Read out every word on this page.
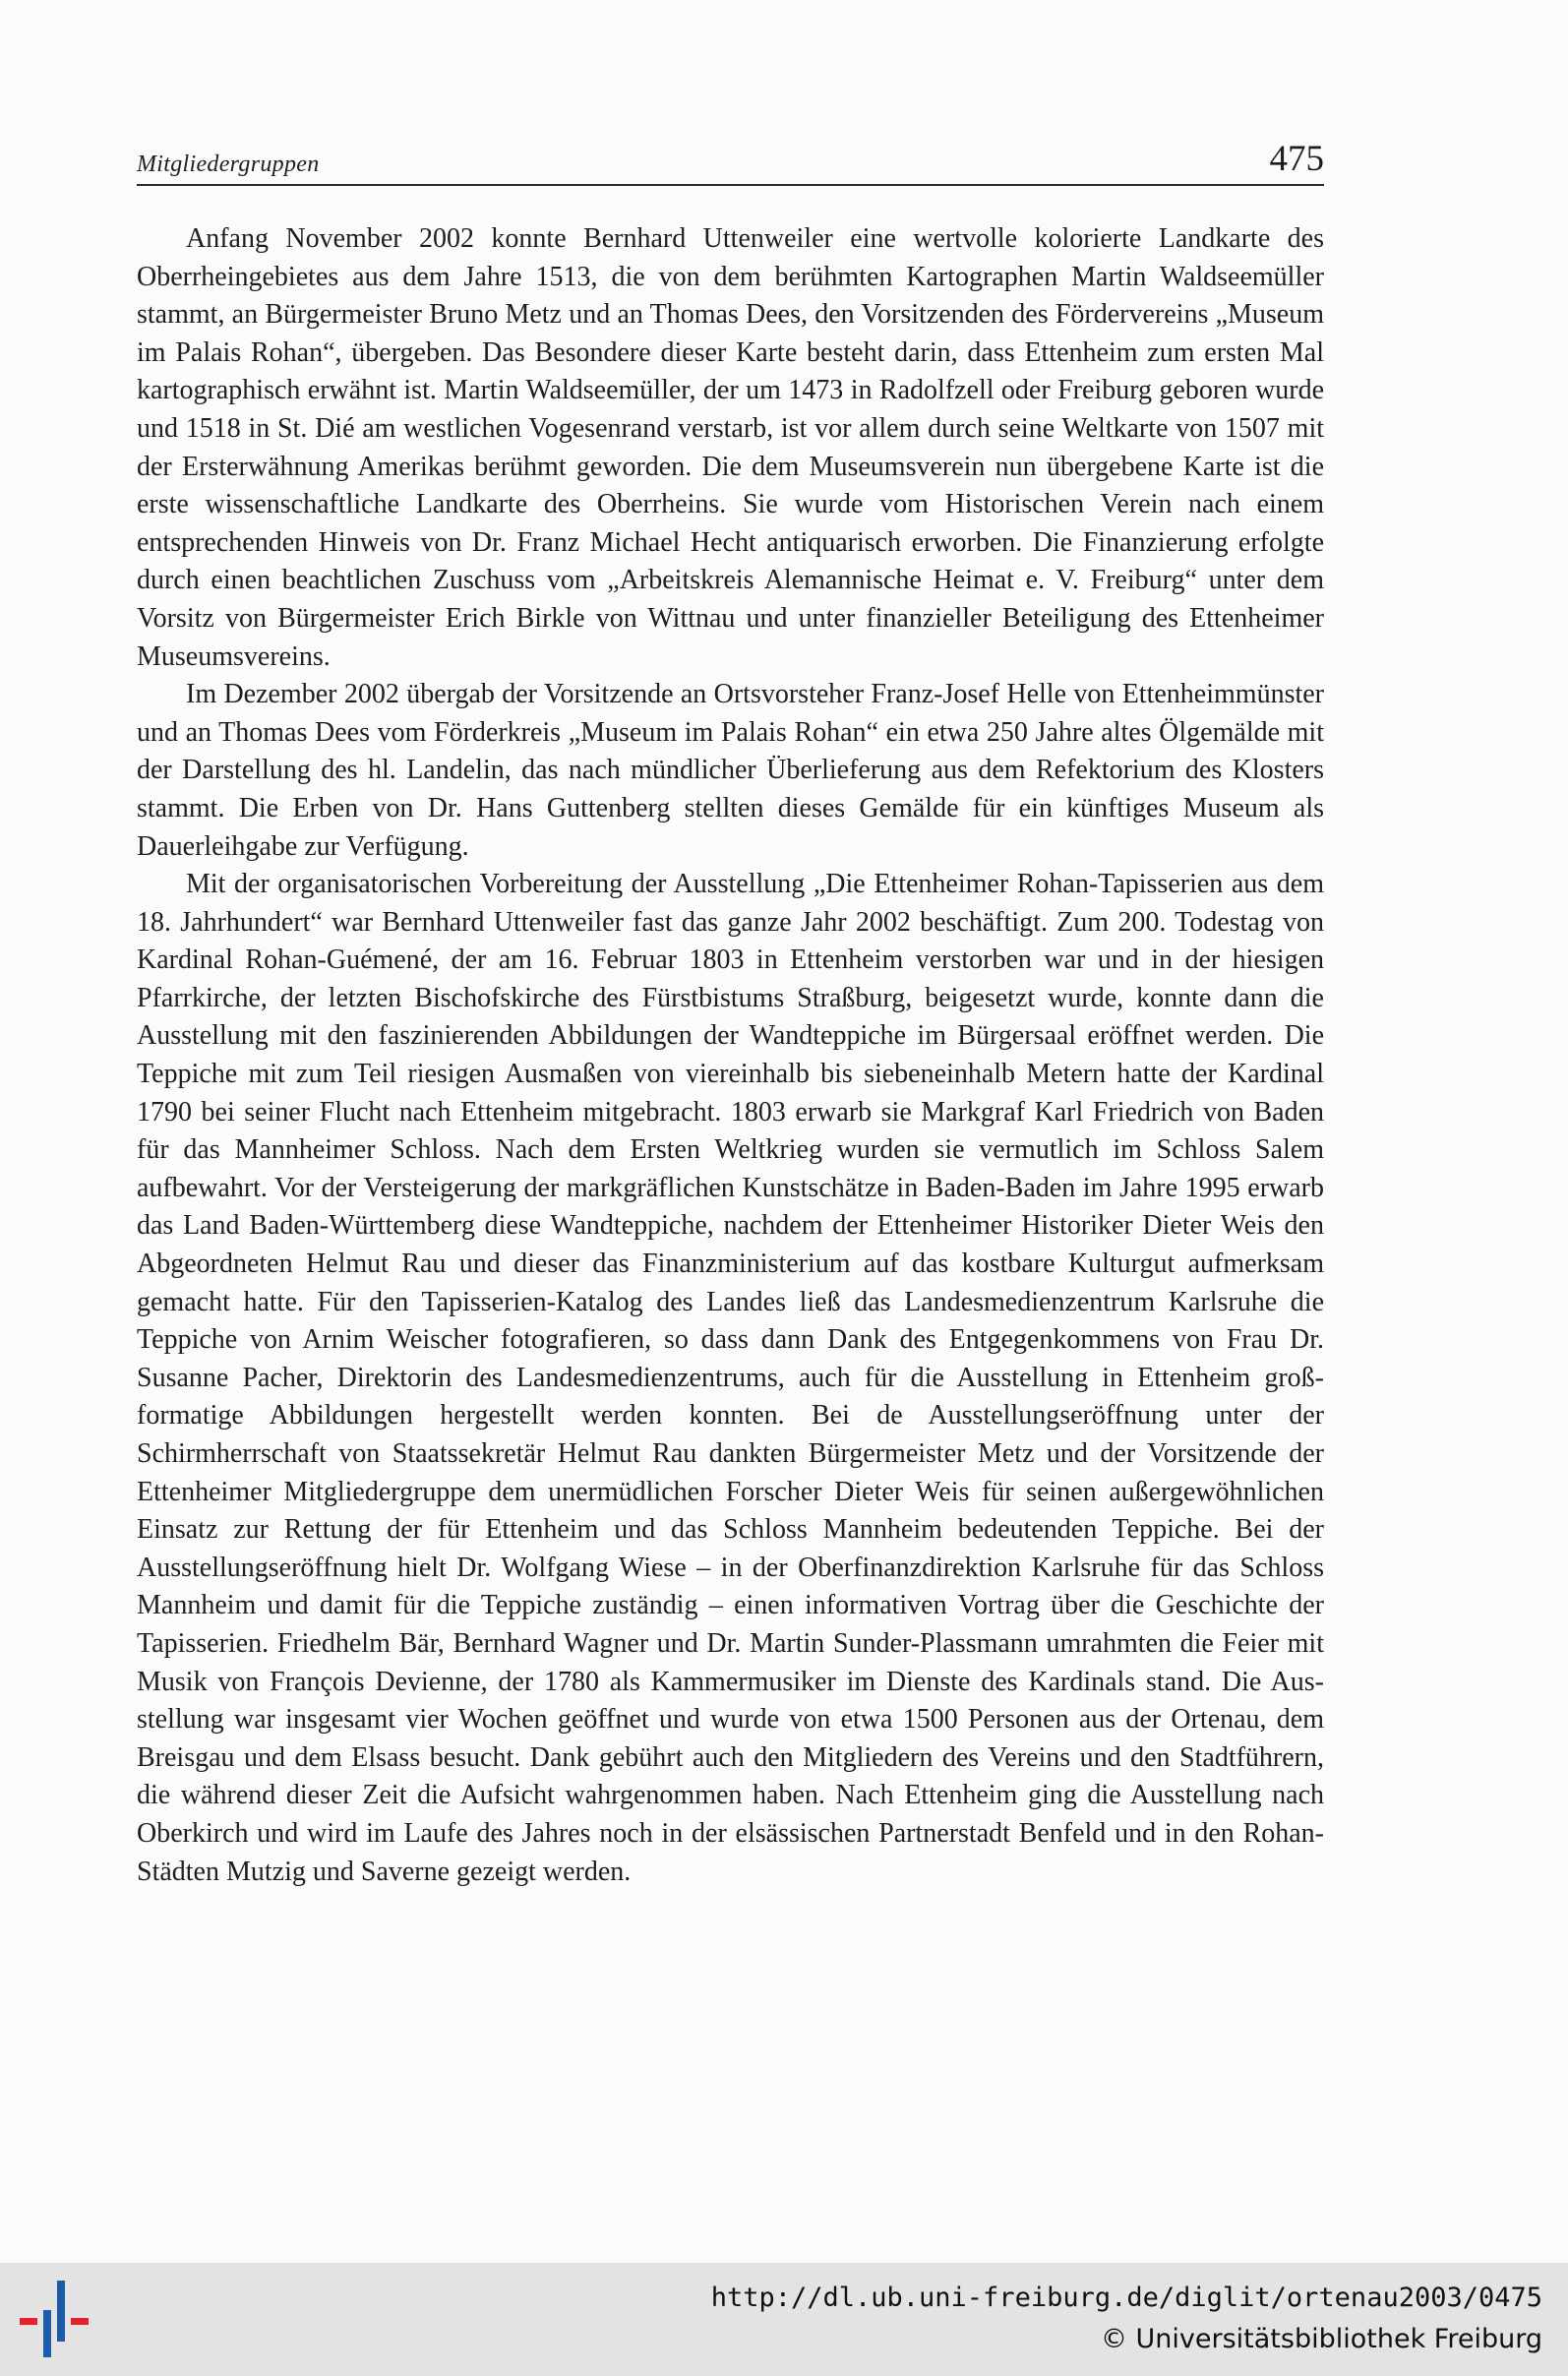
Mitgliedergruppen	475

Anfang November 2002 konnte Bernhard Uttenweiler eine wertvolle kolorierte Landkarte des Oberrheingebietes aus dem Jahre 1513, die von dem berühmten Kartographen Martin Waldseemüller stammt, an Bürgermeister Bruno Metz und an Thomas Dees, den Vorsitzenden des Fördervereins „Museum im Palais Rohan“, übergeben. Das Besondere dieser Karte besteht darin, dass Ettenheim zum ersten Mal kartographisch erwähnt ist. Martin Waldseemüller, der um 1473 in Radolfzell oder Freiburg geboren wurde und 1518 in St. Dié am westlichen Vogesenrand verstarb, ist vor allem durch seine Weltkarte von 1507 mit der Ersterwähnung Amerikas berühmt geworden. Die dem Museumsverein nun übergebene Karte ist die erste wissenschaftliche Landkarte des Oberrheins. Sie wurde vom Historischen Verein nach einem entsprechenden Hinweis von Dr. Franz Michael Hecht antiquarisch erworben. Die Finanzierung erfolgte durch einen beachtlichen Zuschuss vom „Arbeitskreis Alemannische Heimat e. V. Freiburg“ unter dem Vorsitz von Bürgermeister Erich Birkle von Wittnau und unter finanzieller Beteiligung des Ettenheimer Museumsvereins.

Im Dezember 2002 übergab der Vorsitzende an Ortsvorsteher Franz-Josef Helle von Ettenheimmünster und an Thomas Dees vom Förderkreis „Museum im Palais Rohan“ ein etwa 250 Jahre altes Ölgemälde mit der Darstellung des hl. Landelin, das nach mündlicher Überlieferung aus dem Refektorium des Klosters stammt. Die Erben von Dr. Hans Guttenberg stellten dieses Gemälde für ein künftiges Museum als Dauerleihgabe zur Verfügung.

Mit der organisatorischen Vorbereitung der Ausstellung „Die Ettenheimer Rohan-Tapisserien aus dem 18. Jahrhundert“ war Bernhard Uttenweiler fast das ganze Jahr 2002 beschäftigt. Zum 200. Todestag von Kardinal Rohan-Guémené, der am 16. Februar 1803 in Ettenheim verstorben war und in der hiesigen Pfarrkirche, der letzten Bischofskirche des Fürstbistums Straßburg, beigesetzt wurde, konnte dann die Ausstellung mit den faszinierenden Abbildungen der Wandteppiche im Bürgersaal eröffnet werden. Die Teppiche mit zum Teil riesigen Ausmaßen von viereinhalb bis siebeneinhalb Metern hatte der Kardinal 1790 bei seiner Flucht nach Ettenheim mitgebracht. 1803 erwarb sie Markgraf Karl Friedrich von Baden für das Mannheimer Schloss. Nach dem Ersten Weltkrieg wurden sie vermutlich im Schloss Salem aufbewahrt. Vor der Versteigerung der markgräflichen Kunstschätze in Baden-Baden im Jahre 1995 erwarb das Land Baden-Württemberg diese Wandteppiche, nachdem der Ettenheimer Historiker Dieter Weis den Abgeordneten Helmut Rau und dieser das Finanzministerium auf das kostbare Kulturgut aufmerksam gemacht hatte. Für den Tapisserien-Katalog des Landes ließ das Landesmedienzentrum Karlsruhe die Teppiche von Arnim Weischer fotografieren, so dass dann Dank des Entgegenkommens von Frau Dr. Susanne Pacher, Direktorin des Landesmedienzentrums, auch für die Ausstellung in Ettenheim großformatige Abbildungen hergestellt werden konnten. Bei de Ausstellungseröffnung unter der Schirmherrschaft von Staatssekretär Helmut Rau dankten Bürgermeister Metz und der Vorsitzende der Ettenheimer Mitgliedergruppe dem unermüdlichen Forscher Dieter Weis für seinen außergewöhnlichen Einsatz zur Rettung der für Ettenheim und das Schloss Mannheim bedeutenden Teppiche. Bei der Ausstellungseröffnung hielt Dr. Wolfgang Wiese – in der Oberfinanzdirektion Karlsruhe für das Schloss Mannheim und damit für die Teppiche zuständig – einen informativen Vortrag über die Geschichte der Tapisserien. Friedhelm Bär, Bernhard Wagner und Dr. Martin Sunder-Plassmann umrahmten die Feier mit Musik von François Devienne, der 1780 als Kammermusiker im Dienste des Kardinals stand. Die Ausstellung war insgesamt vier Wochen geöffnet und wurde von etwa 1500 Personen aus der Ortenau, dem Breisgau und dem Elsass besucht. Dank gebührt auch den Mitgliedern des Vereins und den Stadtführern, die während dieser Zeit die Aufsicht wahrgenommen haben. Nach Ettenheim ging die Ausstellung nach Oberkirch und wird im Laufe des Jahres noch in der elsässischen Partnerstadt Benfeld und in den Rohan-Städten Mutzig und Saverne gezeigt werden.

http://dl.ub.uni-freiburg.de/diglit/ortenau2003/0475
© Universitätsbibliothek Freiburg
